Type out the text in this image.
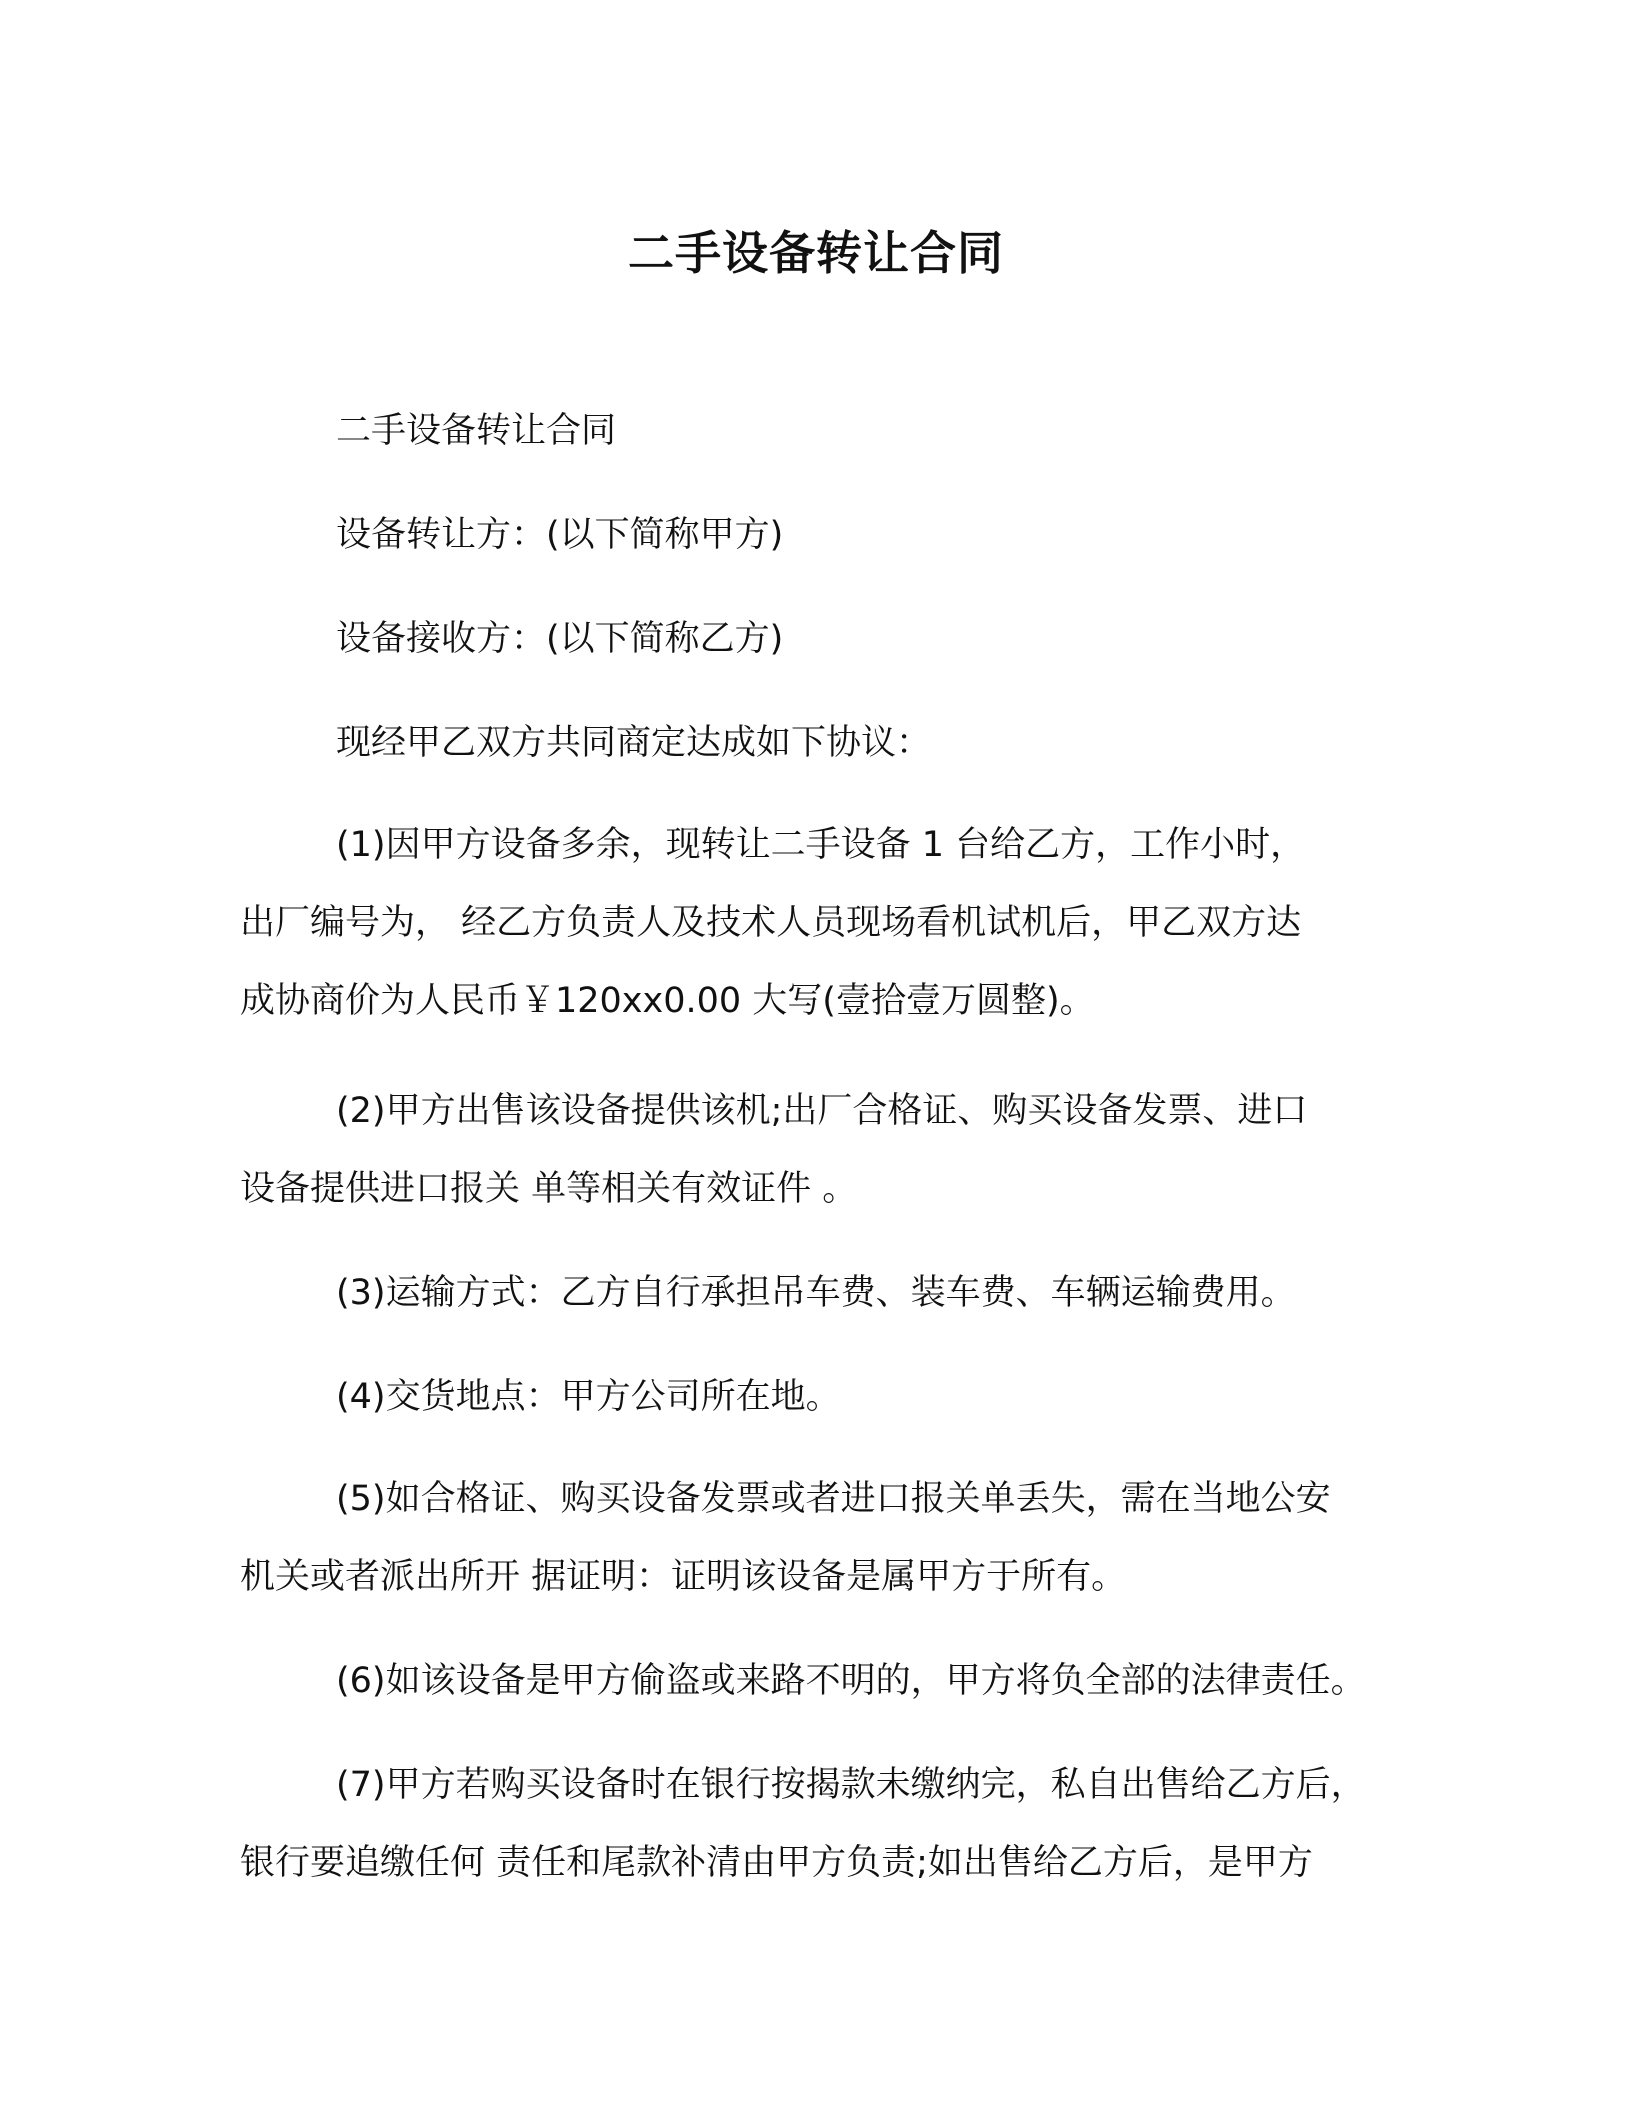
二手设备转让合同
二手设备转让合同
设备转让方：(以下简称甲方)
设备接收方：(以下简称乙方)
现经甲乙双方共同商定达成如下协议：
(1)因甲方设备多余，现转让二手设备 1 台给乙方，工作小时，
出厂编号为， 经乙方负责人及技术人员现场看机试机后，甲乙双方达
成协商价为人民币￥120xx0.00 大写(壹拾壹万圆整)。
(2)甲方出售该设备提供该机;出厂合格证、购买设备发票、进口
设备提供进口报关 单等相关有效证件 。
(3)运输方式：乙方自行承担吊车费、装车费、车辆运输费用。
(4)交货地点：甲方公司所在地。
(5)如合格证、购买设备发票或者进口报关单丢失，需在当地公安
机关或者派出所开 据证明：证明该设备是属甲方于所有。
(6)如该设备是甲方偷盗或来路不明的，甲方将负全部的法律责任。
(7)甲方若购买设备时在银行按揭款未缴纳完，私自出售给乙方后，
银行要追缴任何 责任和尾款补清由甲方负责;如出售给乙方后，是甲方
